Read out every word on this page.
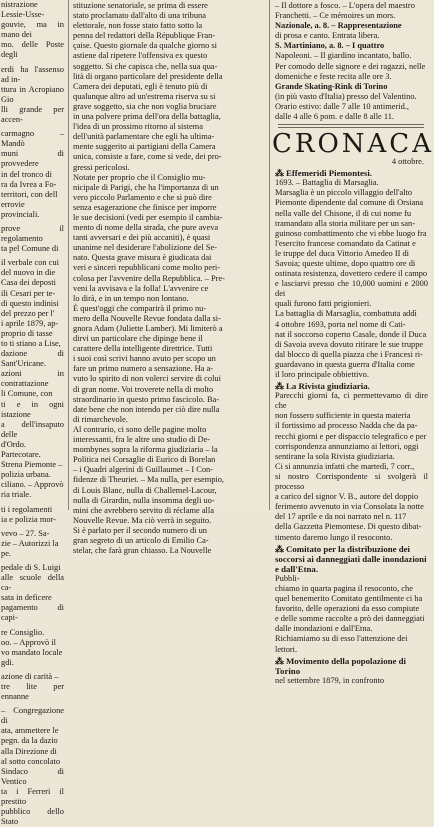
nistrazione Lessie-Usse-
gouvie, ma in mano dei
mo. delle Poste degli

erdi ha l'assenso ad in-
ttura in Acropiano Gio
lli grande per accen-

carmagno – Mandò
muni di provvedere
in del tronco di
ra da Ivrea a Fo-
territori, con dell
errovie provinciali.

prove il regolamento
ta pel Comune di

il verbale con cui
del nuovo in die
Casa dei deposti
ili Cesari per te-
di questo indinisi
del prezzo per l'
i aprile 1879, ap-
proprio di tasse
to ti stiano a Lise,
dazione di Sant'Uricane.
azioni in contrattazione
li Comune, con
ti e in ogni istazione
a dell'insaputo delle
d'Ordo. Partecotare.
Strena Piemonte –
polizia urbana.
ciliano. – Approvò
ria triale.

ti i regolamenti
ia e polizia mor-

vevo – 27. Sa-
zie – Autorizzi la
pe.

pedale di S. Luigi
alle scuole della ca-
sata in deficere
pagamento di capi-

re Consiglio.
oo. – Approvò il
vo mandato locale
gdi.

azione di carità –
tre lite per ennanne

– Congregazione di
ata, ammettere le
pegn. da la dazio
alla Direzione di
al sotto concolato
Sindaco di Ventico
ta i Ferreri il prestito
pubblico dello Stato
stituzione senatoriale, se prima di essere
stato proclamato dall'alto di una tribuna
elettorale, non fosse stato fatto sotto la
penna del redattori della République Fran-
çaise. Questo giornale da qualche giorno si
astiene dal ripetere l'offensiva ex questo
soggetto. Si che capisca che, nella sua qua-
lità di organo particolare del presidente della
Camera dei deputati, egli è tenuto più di
qualunque altro ad un'estrema riserva su si
grave soggetto, sia che non voglia bruciare
in una polvere prima dell'ora della battaglia,
l'idea di un prossimo ritorno al sistema
dell'unità parlamentare che egli ha ultima-
mente suggerito ai partigiani della Camera
unica, consiste a fare, come si vede, dei pro-
gressi pericolosi.
Notate per proprio che il Consiglio mu-
nicipale di Parigi, che ha l'importanza di un
vero piccolo Parlamento e che si può dire
senza esagerazione che finisce per imporre
le sue decisioni (vedi per esempio il cambia-
mento di nome della strada, che pure aveva
tanti avversari e dei più accaniti), è quasi
unanime nel desiderare l'abolizione del Se-
nato. Questa grave misura è giudicata dai
veri e sinceri repubblicani come molto peri-
colosa per l'avvenire della Repubblica. – Pre-
veni la avvisava e la folla! L'avvenire ce
lo dirà, e in un tempo non lontano.
È quest'oggi che comparirà il primo nu-
mero della Nouvelle Revue fondata dalla si-
gnora Adam (Juliette Lamber). Mi limiterò a
dirvi un particolare che dipinge bene il
carattere della intelligente direttrice. Tutti
i suoi così scrivi hanno avuto per scopo un
fare un primo numero a sensazione. Ha a-
vuto lo spirito di non volerci servire di colui
di gran nome. Voi troverete nella di molto
straordinario in questo primo fascicolo. Ba-
date bene che non intendo per ciò dire nulla
di rimarchevole.
Al contrario, ci sono delle pagine molto
interessanti, fra le altre uno studio di De-
mombynes sopra la riforma giudiziaria – la
Politica nei Corsaglie di Eurico di Borelan
– i Quadri algerini di Guillaumet – I Con-
fidenze di Theuriet. – Ma nulla, per esempio,
di Louis Blanc, nulla di Challemel-Lacour,
nulla di Girardin, nulla insomma degli uo-
mini che avrebbero servito di réclame alla
Nouvelle Revue. Ma ciò verrà in seguito.
Si è parlato per il secondo numero di un
gran segreto di un articolo di Emilio Ca-
stelar, che farà gran chiasso. La Nouvelle
– Il dottore a fosco. – L'opera del maestro
Franchetti. – Ce mémoires un mors.
Nazionale, a. 8. – Rappresentazione
di prosa e canto. Entrata libera.
S. Martiniano, a. 8. – I quattro
Napoleoni. – Il giardino incantato, ballo.
Per comodo delle signore e dei ragazzi, nelle
domeniche e feste recita alle ore 3.
Grande Skating-Rink di Torino
(in più vasto d'Italia) presso del Valentino.
Orario estivo: dalle 7 alle 10 antimerid.,
dalle 4 alle 6 pom. e dalle 8 alle 11.
CRONACA
4 ottobre.
⁂ Effemeridi Piemontesi.
1693. – Battaglia di Marsaglia.
Marsaglia è un piccolo villaggio dell'alto
Piemonte dipendente dal comune di Orsiana
nella valle del Chisone, il di cui nome fu
tramandato alla storia militare per un san-
guinoso combattimento che vi ebbe luogo fra
l'esercito francese comandato da Catinat e
le truppe del duca Vittorio Amedeo II di
Savoia; queste ultime, dopo quattro ore di
ostinata resistenza, dovettero cedere il campo
e lasciarvi presso che 10,000 uomini e 2000 dei
quali furono fatti prigionieri.
La battaglia di Marsaglia, combattuta addì
4 ottobre 1693, porta nel nome di Cati-
nat il soccorso coperto Casale, donde il Duca
di Savoia aveva dovuto ritirare le sue truppe
dal blocco di quella piazza che i Francesi ri-
guardavano in questa guerra d'Italia come
il loro principale obbiettivo.
⁂ La Rivista giudiziaria.
Parecchi giorni fa, ci permettevamo di dire che
non fossero sufficiente in questa materia
il fortissimo ad processo Nadda che da pa-
recchi giorni e per dispaccio telegrafico e per
corrispondenza annunziamo ai lettori, oggi
sentirane la sola Rivista giudiziaria.
Ci si annunzia infatti che martedì, 7 corr.,
si nostro Corrispondente si svolgerà il processo
a carico del signor V. B., autore del doppio
ferimento avvenuto in via Consolata la notte
del 17 aprile e da noi narrato nel n. 117
della Gazzetta Piemontese. Di questo dibat-
timento daremo lungo il resoconto.
⁂ Comitato per la distribuzione dei soccorsi ai danneggiati dalle inondazioni e dall'Etna.
Pubbli-
chiamo in quarta pagina il resoconto, che
quel benemerito Comitato gentilmente ci ha
favorito, delle operazioni da esso compiute
e delle somme raccolte a prò dei danneggiati
dalle inondazioni e dall'Etna.
Richiamiamo su di esso l'attenzione dei
lettori.
⁂ Movimento della popolazione di Torino
nel settembre 1879, in confronto
